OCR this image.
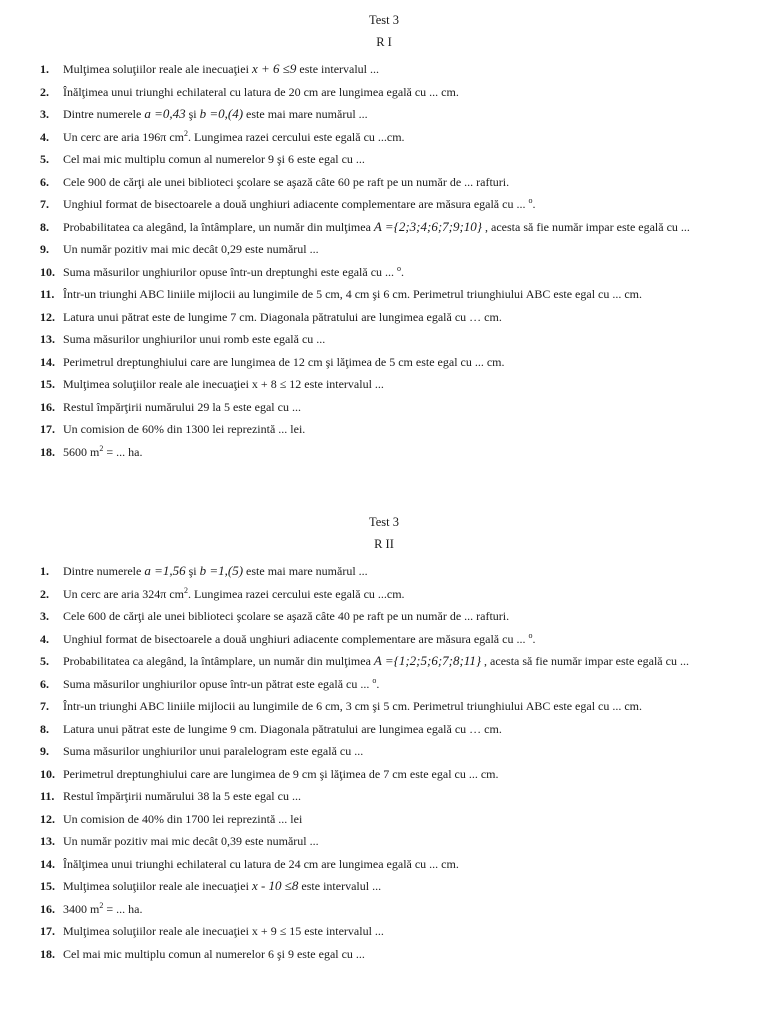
Test 3
R I
1. Mulţimea soluţiilor reale ale inecuaţiei x + 6 ≤9 este intervalul ...
2. Înălţimea unui triunghi echilateral cu latura de 20 cm are lungimea egală cu ... cm.
3. Dintre numerele a =0,43 şi b =0,(4) este mai mare numărul ...
4. Un cerc are aria 196π $cm^2$. Lungimea razei cercului este egală cu ...cm.
5. Cel mai mic multiplu comun al numerelor 9 şi 6 este egal cu ...
6. Cele 900 de cărţi ale unei biblioteci şcolare se aşază câte 60 pe raft pe un număr de ... rafturi.
7. Unghiul format de bisectoarele a două unghiuri adiacente complementare are măsura egală cu ... $^o$.
8. Probabilitatea ca alegând, la întâmplare, un număr din mulţimea A ={2;3;4;6;7;9;10} , acesta să fie număr impar este egală cu ...
9. Un număr pozitiv mai mic decât 0,29 este numărul ...
10. Suma măsurilor unghiurilor opuse într-un dreptunghi este egală cu ... $^o$.
11. Într-un triunghi ABC liniile mijlocii au lungimile de 5 cm, 4 cm şi 6 cm. Perimetrul triunghiului ABC este egal cu ... cm.
12. Latura unui pătrat este de lungime 7 cm. Diagonala pătratului are lungimea egală cu … cm.
13. Suma măsurilor unghiurilor unui romb este egală cu ...
14. Perimetrul dreptunghiului care are lungimea de 12 cm şi lăţimea de 5 cm este egal cu ... cm.
15. Mulţimea soluţiilor reale ale inecuaţiei x + 8 ≤ 12 este intervalul ...
16. Restul împărţirii numărului 29 la 5 este egal cu ...
17. Un comision de 60% din 1300 lei reprezintă ... lei.
18. 5600 $m^2$ = ... ha.
Test 3
R II
1. Dintre numerele a =1,56 şi b =1,(5) este mai mare numărul ...
2. Un cerc are aria 324π $cm^2$. Lungimea razei cercului este egală cu ...cm.
3. Cele 600 de cărţi ale unei biblioteci şcolare se aşază câte 40 pe raft pe un număr de ... rafturi.
4. Unghiul format de bisectoarele a două unghiuri adiacente complementare are măsura egală cu ... $^o$.
5. Probabilitatea ca alegând, la întâmplare, un număr din mulţimea A ={1;2;5;6;7;8;11} , acesta să fie număr impar este egală cu ...
6. Suma măsurilor unghiurilor opuse într-un pătrat este egală cu ... $^o$.
7. Într-un triunghi ABC liniile mijlocii au lungimile de 6 cm, 3 cm şi 5 cm. Perimetrul triunghiului ABC este egal cu ... cm.
8. Latura unui pătrat este de lungime 9 cm. Diagonala pătratului are lungimea egală cu … cm.
9. Suma măsurilor unghiurilor unui paralelogram este egală cu ...
10. Perimetrul dreptunghiului care are lungimea de 9 cm şi lăţimea de 7 cm este egal cu ... cm.
11. Restul împărţirii numărului 38 la 5 este egal cu ...
12. Un comision de 40% din 1700 lei reprezintă ... lei
13. Un număr pozitiv mai mic decât 0,39 este numărul ...
14. Înălţimea unui triunghi echilateral cu latura de 24 cm are lungimea egală cu ... cm.
15. Mulţimea soluţiilor reale ale inecuaţiei x - 10 ≤8 este intervalul ...
16. 3400 $m^2$ = ... ha.
17. Mulţimea soluţiilor reale ale inecuaţiei x + 9 ≤ 15 este intervalul ...
18. Cel mai mic multiplu comun al numerelor 6 şi 9 este egal cu ...
